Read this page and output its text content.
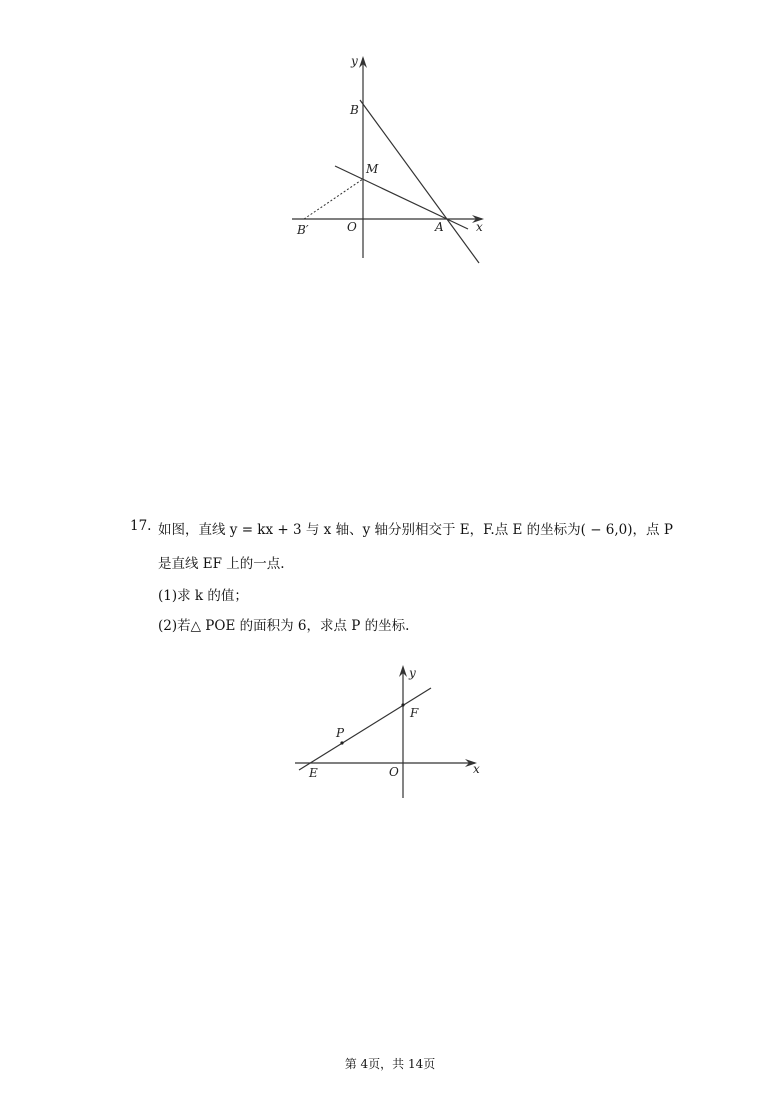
y
x
B
M
O	A
B′
17. 如图，直线 y = kx + 3 与 x 轴、y 轴分别相交于 E，F.点 E 的坐标为( − 6,0)，点 P
是直线 EF 上的一点.
(1)求 k 的值；
(2)若△ POE 的面积为 6，求点 P 的坐标.
y
x
P
F
E	O
第 4页，共 14页
